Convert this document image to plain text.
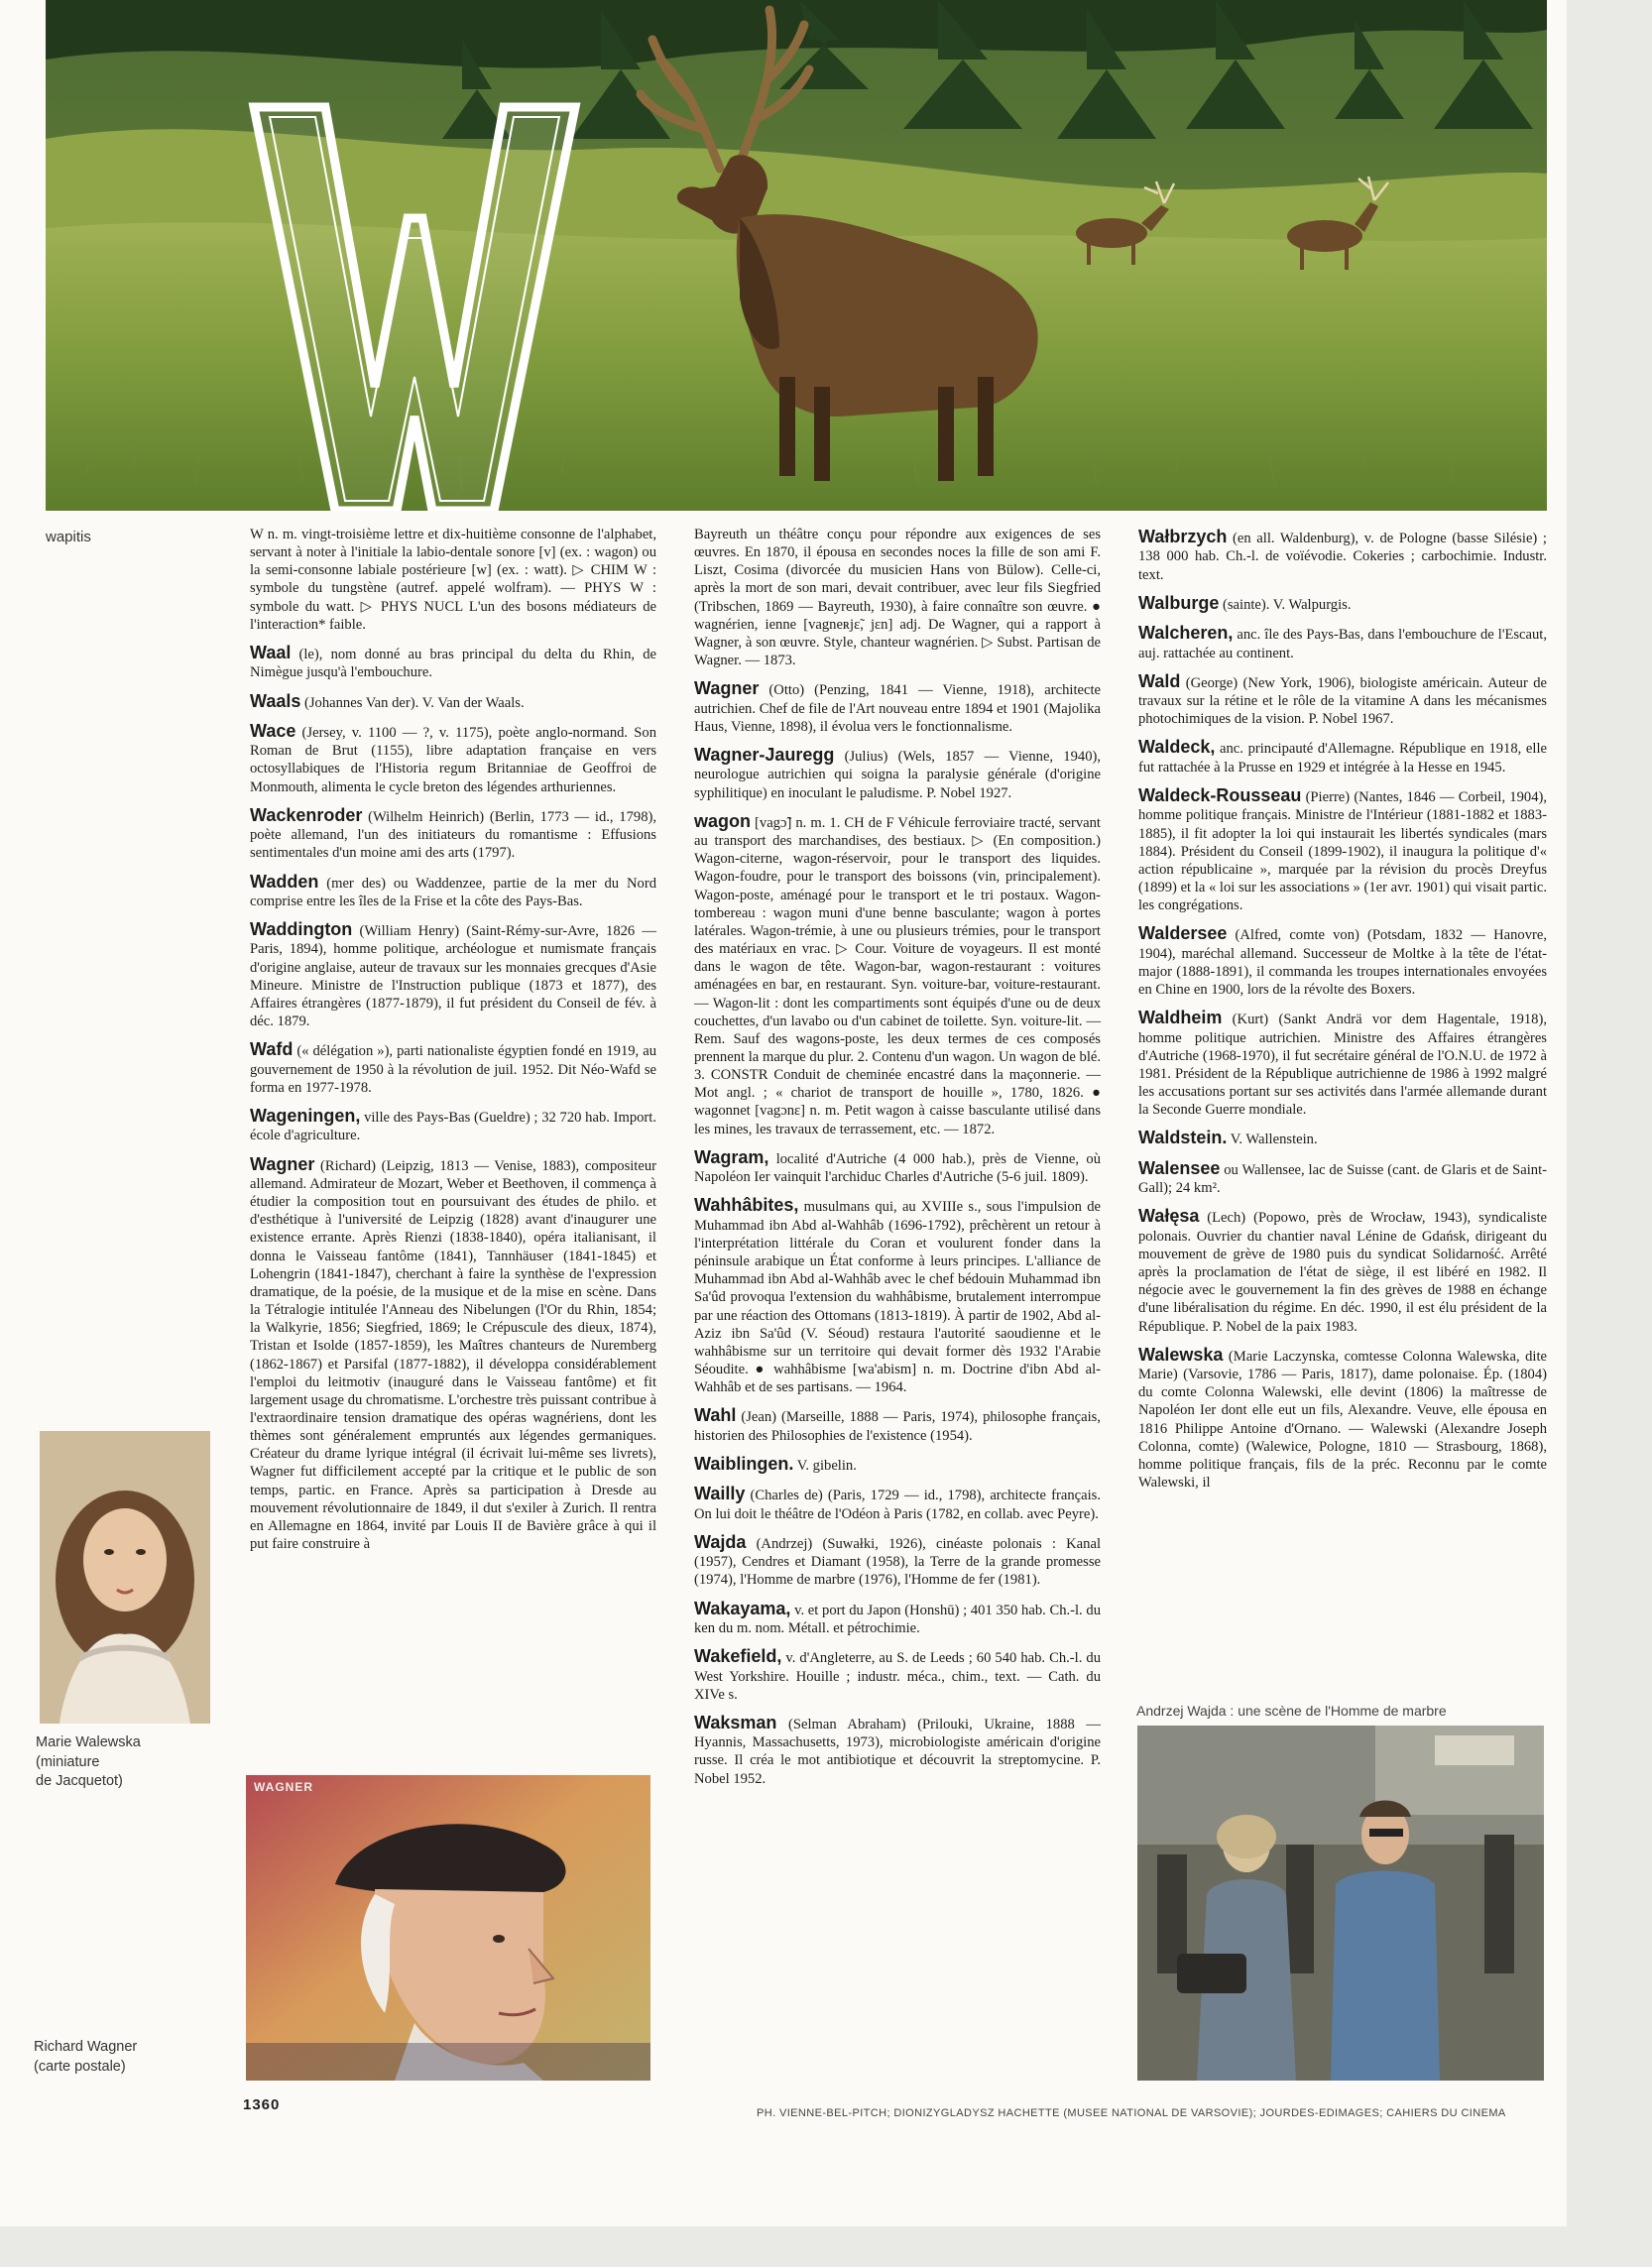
wapitis	W n. m. vingt-troisième lettre et dix-huitième consonne de l'alphabet, servant à noter à l'initiale la labio-dentale sonore [v] (ex. : wagon) ou la semi-consonne labiale postérieure [w] (ex. : watt). ▷ CHIM W : symbole du tungstène (autref. appelé wolfram). — PHYS W : symbole du watt. ▷ PHYS NUCL L'un des bosons médiateurs de l'interaction* faible.
Waal (le), nom donné au bras principal du delta du Rhin, de Nimègue jusqu'à l'embouchure.
Waals (Johannes Van der). V. Van der Waals.
Wace (Jersey, v. 1100 — ?, v. 1175), poète anglo-normand. Son Roman de Brut (1155), libre adaptation française en vers octosyllabiques de l'Historia regum Britanniae de Geoffroi de Monmouth, alimenta le cycle breton des légendes arthuriennes.
Wackenroder (Wilhelm Heinrich) (Berlin, 1773 — id., 1798), poète allemand, l'un des initiateurs du romantisme : Effusions sentimentales d'un moine ami des arts (1797).
Wadden (mer des) ou Waddenzee, partie de la mer du Nord comprise entre les îles de la Frise et la côte des Pays-Bas.
Waddington (William Henry) (Saint-Rémy-sur-Avre, 1826 — Paris, 1894), homme politique, archéologue et numismate français d'origine anglaise, auteur de travaux sur les monnaies grecques d'Asie Mineure. Ministre de l'Instruction publique (1873 et 1877), des Affaires étrangères (1877-1879), il fut président du Conseil de fév. à déc. 1879.
Wafd (« délégation »), parti nationaliste égyptien fondé en 1919, au gouvernement de 1950 à la révolution de juil. 1952. Dit Néo-Wafd se forma en 1977-1978.
Wageningen, ville des Pays-Bas (Gueldre) ; 32 720 hab. Import. école d'agriculture.
Wagner (Richard) (Leipzig, 1813 — Venise, 1883), compositeur allemand. Admirateur de Mozart, Weber et Beethoven, il commença à étudier la composition tout en poursuivant des études de philo. et d'esthétique à l'université de Leipzig (1828) avant d'inaugurer une existence errante. Après Rienzi (1838-1840), opéra italianisant, il donna le Vaisseau fantôme (1841), Tannhäuser (1841-1845) et Lohengrin (1841-1847), cherchant à faire la synthèse de l'expression dramatique, de la poésie, de la musique et de la mise en scène. Dans la Tétralogie intitulée l'Anneau des Nibelungen (l'Or du Rhin, 1854; la Walkyrie, 1856; Siegfried, 1869; le Crépuscule des dieux, 1874), Tristan et Isolde (1857-1859), les Maîtres chanteurs de Nuremberg (1862-1867) et Parsifal (1877-1882), il développa considérablement l'emploi du leitmotiv (inauguré dans le Vaisseau fantôme) et fit largement usage du chromatisme. L'orchestre très puissant contribue à l'extraordinaire tension dramatique des opéras wagnériens, dont les thèmes sont généralement empruntés aux légendes germaniques. Créateur du drame lyrique intégral (il écrivait lui-même ses livrets), Wagner fut difficilement accepté par la critique et le public de son temps, partic. en France. Après sa participation à Dresde au mouvement révolutionnaire de 1849, il dut s'exiler à Zurich. Il rentra en Allemagne en 1864, invité par Louis II de Bavière grâce à qui il put faire construire à
Bayreuth un théâtre conçu pour répondre aux exigences de ses œuvres. En 1870, il épousa en secondes noces la fille de son ami F. Liszt, Cosima (divorcée du musicien Hans von Bülow). Celle-ci, après la mort de son mari, devait contribuer, avec leur fils Siegfried (Tribschen, 1869 — Bayreuth, 1930), à faire connaître son œuvre. ● wagnérien, ienne [vagneʀjɛ̃, jɛn] adj. De Wagner, qui a rapport à Wagner, à son œuvre. Style, chanteur wagnérien. ▷ Subst. Partisan de Wagner. — 1873.
Wagner (Otto) (Penzing, 1841 — Vienne, 1918), architecte autrichien. Chef de file de l'Art nouveau entre 1894 et 1901 (Majolika Haus, Vienne, 1898), il évolua vers le fonctionnalisme.
Wagner-Jauregg (Julius) (Wels, 1857 — Vienne, 1940), neurologue autrichien qui soigna la paralysie générale (d'origine syphilitique) en inoculant le paludisme. P. Nobel 1927.
wagon [vagɔ̃] n. m. 1. CH de F Véhicule ferroviaire tracté, servant au transport des marchandises, des bestiaux. ▷ (En composition.) Wagon-citerne, wagon-réservoir, pour le transport des liquides. Wagon-foudre, pour le transport des boissons (vin, principalement). Wagon-poste, aménagé pour le transport et le tri postaux. Wagon-tombereau : wagon muni d'une benne basculante; wagon à portes latérales. Wagon-trémie, à une ou plusieurs trémies, pour le transport des matériaux en vrac. ▷ Cour. Voiture de voyageurs. Il est monté dans le wagon de tête. Wagon-bar, wagon-restaurant : voitures aménagées en bar, en restaurant. Syn. voiture-bar, voiture-restaurant. — Wagon-lit : dont les compartiments sont équipés d'une ou de deux couchettes, d'un lavabo ou d'un cabinet de toilette. Syn. voiture-lit. — Rem. Sauf des wagons-poste, les deux termes de ces composés prennent la marque du plur. 2. Contenu d'un wagon. Un wagon de blé. 3. CONSTR Conduit de cheminée encastré dans la maçonnerie. — Mot angl. ; « chariot de transport de houille », 1780, 1826. ● wagonnet [vagɔnɛ] n. m. Petit wagon à caisse basculante utilisé dans les mines, les travaux de terrassement, etc. — 1872.
Wagram, localité d'Autriche (4 000 hab.), près de Vienne, où Napoléon Ier vainquit l'archiduc Charles d'Autriche (5-6 juil. 1809).
Wahhâbites, musulmans qui, au XVIIIe s., sous l'impulsion de Muhammad ibn Abd al-Wahhâb (1696-1792), prêchèrent un retour à l'interprétation littérale du Coran et voulurent fonder dans la péninsule arabique un État conforme à leurs principes. L'alliance de Muhammad ibn Abd al-Wahhâb avec le chef bédouin Muhammad ibn Sa'ûd provoqua l'extension du wahhâbisme, brutalement interrompue par une réaction des Ottomans (1813-1819). À partir de 1902, Abd al-Aziz ibn Sa'ûd (V. Séoud) restaura l'autorité saoudienne et le wahhâbisme sur un territoire qui devait former dès 1932 l'Arabie Séoudite. ● wahhâbisme [wa'abism] n. m. Doctrine d'ibn Abd al-Wahhâb et de ses partisans. — 1964.
Wahl (Jean) (Marseille, 1888 — Paris, 1974), philosophe français, historien des Philosophies de l'existence (1954).
Waiblingen. V. gibelin.
Wailly (Charles de) (Paris, 1729 — id., 1798), architecte français. On lui doit le théâtre de l'Odéon à Paris (1782, en collab. avec Peyre).
Wajda (Andrzej) (Suwałki, 1926), cinéaste polonais : Kanal (1957), Cendres et Diamant (1958), la Terre de la grande promesse (1974), l'Homme de marbre (1976), l'Homme de fer (1981).
Wakayama, v. et port du Japon (Honshū) ; 401 350 hab. Ch.-l. du ken du m. nom. Métall. et pétrochimie.
Wakefield, v. d'Angleterre, au S. de Leeds ; 60 540 hab. Ch.-l. du West Yorkshire. Houille ; industr. méca., chim., text. — Cath. du XIVe s.
Waksman (Selman Abraham) (Prilouki, Ukraine, 1888 — Hyannis, Massachusetts, 1973), microbiologiste américain d'origine russe. Il créa le mot antibiotique et découvrit la streptomycine. P. Nobel 1952.
Wałbrzych (en all. Waldenburg), v. de Pologne (basse Silésie) ; 138 000 hab. Ch.-l. de voïévodie. Cokeries ; carbochimie. Industr. text.
Walburge (sainte). V. Walpurgis.
Walcheren, anc. île des Pays-Bas, dans l'embouchure de l'Escaut, auj. rattachée au continent.
Wald (George) (New York, 1906), biologiste américain. Auteur de travaux sur la rétine et le rôle de la vitamine A dans les mécanismes photochimiques de la vision. P. Nobel 1967.
Waldeck, anc. principauté d'Allemagne. République en 1918, elle fut rattachée à la Prusse en 1929 et intégrée à la Hesse en 1945.
Waldeck-Rousseau (Pierre) (Nantes, 1846 — Corbeil, 1904), homme politique français. Ministre de l'Intérieur (1881-1882 et 1883-1885), il fit adopter la loi qui instaurait les libertés syndicales (mars 1884). Président du Conseil (1899-1902), il inaugura la politique d'« action républicaine », marquée par la révision du procès Dreyfus (1899) et la « loi sur les associations » (1er avr. 1901) qui visait partic. les congrégations.
Waldersee (Alfred, comte von) (Potsdam, 1832 — Hanovre, 1904), maréchal allemand. Successeur de Moltke à la tête de l'état-major (1888-1891), il commanda les troupes internationales envoyées en Chine en 1900, lors de la révolte des Boxers.
Waldheim (Kurt) (Sankt Andrä vor dem Hagentale, 1918), homme politique autrichien. Ministre des Affaires étrangères d'Autriche (1968-1970), il fut secrétaire général de l'O.N.U. de 1972 à 1981. Président de la République autrichienne de 1986 à 1992 malgré les accusations portant sur ses activités dans l'armée allemande durant la Seconde Guerre mondiale.
Waldstein. V. Wallenstein.
Walensee ou Wallensee, lac de Suisse (cant. de Glaris et de Saint-Gall); 24 km².
Wałęsa (Lech) (Popowo, près de Wrocław, 1943), syndicaliste polonais. Ouvrier du chantier naval Lénine de Gdańsk, dirigeant du mouvement de grève de 1980 puis du syndicat Solidarność. Arrêté après la proclamation de l'état de siège, il est libéré en 1982. Il négocie avec le gouvernement la fin des grèves de 1988 en échange d'une libéralisation du régime. En déc. 1990, il est élu président de la République. P. Nobel de la paix 1983.
Walewska (Marie Laczynska, comtesse Colonna Walewska, dite Marie) (Varsovie, 1786 — Paris, 1817), dame polonaise. Ép. (1804) du comte Colonna Walewski, elle devint (1806) la maîtresse de Napoléon Ier dont elle eut un fils, Alexandre. Veuve, elle épousa en 1816 Philippe Antoine d'Ornano. — Walewski (Alexandre Joseph Colonna, comte) (Walewice, Pologne, 1810 — Strasbourg, 1868), homme politique français, fils de la préc. Reconnu par le comte Walewski, il
Marie Walewska
(miniature
de Jacquetot)	WAGNER
Richard Wagner
(carte postale)
Andrzej Wajda : une scène de l'Homme de marbre
1360	PH. VIENNE-BEL-PITCH; DIONIZYGLADYSZ HACHETTE (MUSEE NATIONAL DE VARSOVIE); JOURDES-EDIMAGES; CAHIERS DU CINEMA
